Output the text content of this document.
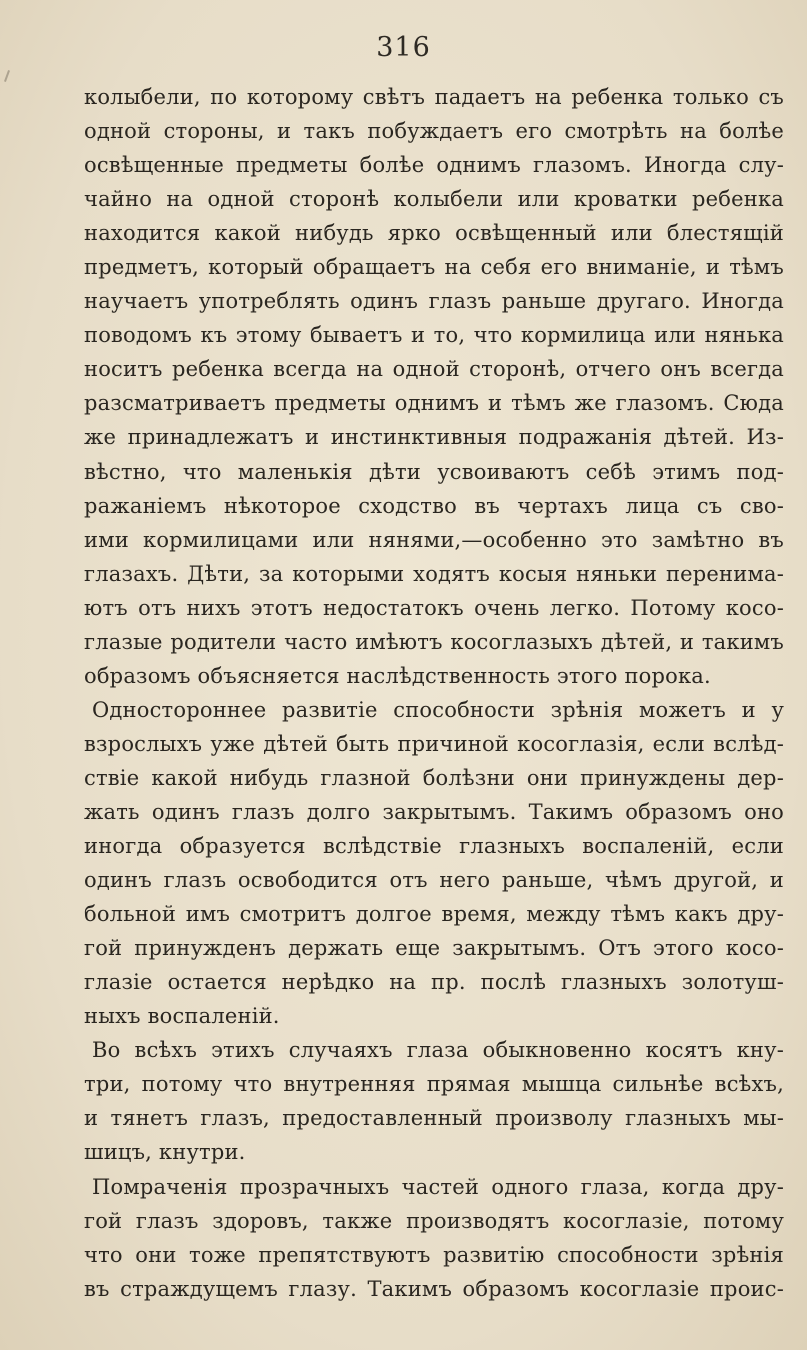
316
колыбели, по которому свѣтъ падаетъ на ребенка только съ
одной стороны, и такъ побуждаетъ его смотрѣть на болѣе
освѣщенные предметы болѣе однимъ глазомъ. Иногда слу-
чайно на одной сторонѣ колыбели или кроватки ребенка
находится какой нибудь ярко освѣщенный или блестящій
предметъ, который обращаетъ на себя его вниманіе, и тѣмъ
научаетъ употреблять одинъ глазъ раньше другаго. Иногда
поводомъ къ этому бываетъ и то, что кормилица или нянька
носитъ ребенка всегда на одной сторонѣ, отчего онъ всегда
разсматриваетъ предметы однимъ и тѣмъ же глазомъ. Сюда
же принадлежатъ и инстинктивныя подражанія дѣтей. Из-
вѣстно, что маленькія дѣти усвоиваютъ себѣ этимъ под-
ражаніемъ нѣкоторое сходство въ чертахъ лица съ сво-
ими кормилицами или нянями,—особенно это замѣтно въ
глазахъ. Дѣти, за которыми ходятъ косыя няньки перенима-
ютъ отъ нихъ этотъ недостатокъ очень легко. Потому косо-
глазые родители часто имѣютъ косоглазыхъ дѣтей, и такимъ
образомъ объясняется наслѣдственность этого порока.
Одностороннее развитіе способности зрѣнія можетъ и у
взрослыхъ уже дѣтей быть причиной косоглазія, если вслѣд-
ствіе какой нибудь глазной болѣзни они принуждены дер-
жать одинъ глазъ долго закрытымъ. Такимъ образомъ оно
иногда образуется вслѣдствіе глазныхъ воспаленій, если
одинъ глазъ освободится отъ него раньше, чѣмъ другой, и
больной имъ смотритъ долгое время, между тѣмъ какъ дру-
гой принужденъ держать еще закрытымъ. Отъ этого косо-
глазіе остается нерѣдко на пр. послѣ глазныхъ золотуш-
ныхъ воспаленій.
Во всѣхъ этихъ случаяхъ глаза обыкновенно косятъ кну-
три, потому что внутренняя прямая мышца сильнѣе всѣхъ,
и тянетъ глазъ, предоставленный произволу глазныхъ мы-
шицъ, кнутри.
Помраченія прозрачныхъ частей одного глаза, когда дру-
гой глазъ здоровъ, также производятъ косоглазіе, потому
что они тоже препятствуютъ развитію способности зрѣнія
въ страждущемъ глазу. Такимъ образомъ косоглазіе проис-
